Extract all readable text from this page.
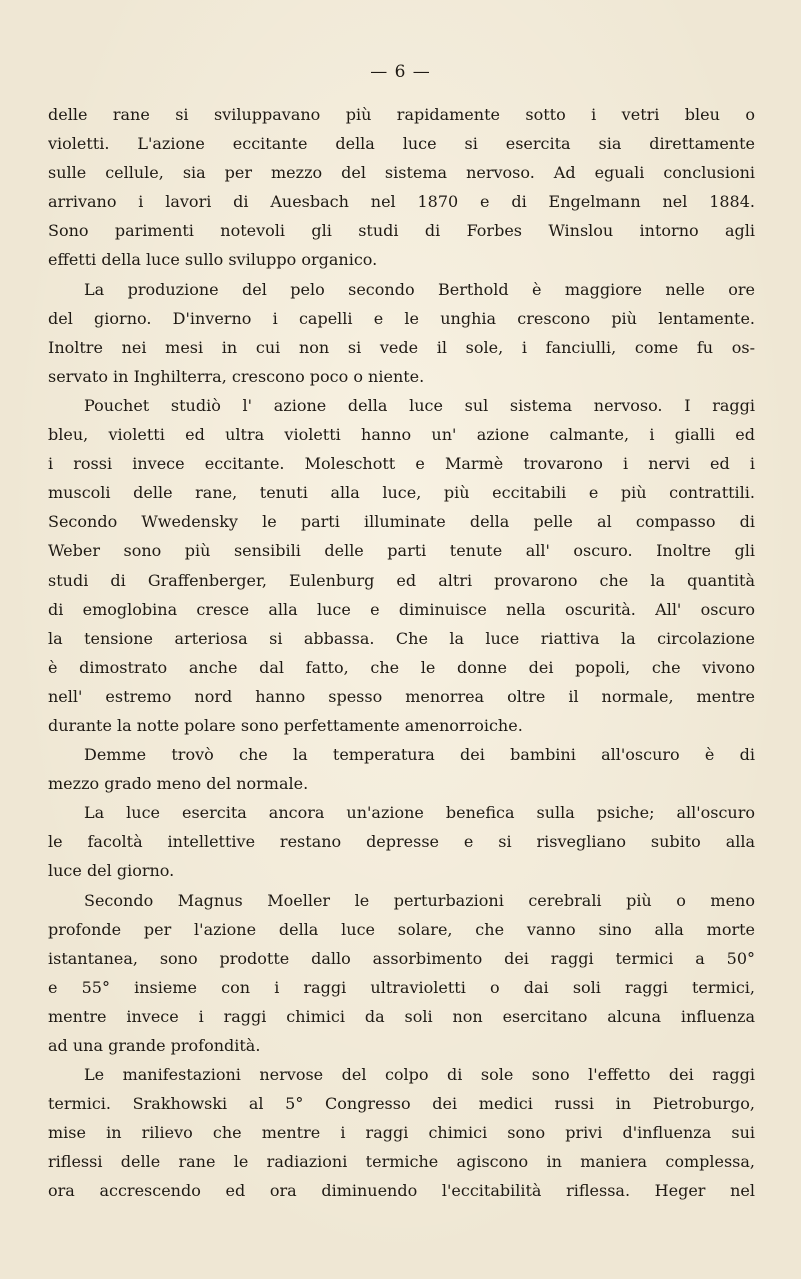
— 6 —
delle rane si sviluppavano più rapidamente sotto i vetri bleu o
violetti. L'azione eccitante della luce si esercita sia direttamente
sulle cellule, sia per mezzo del sistema nervoso. Ad eguali conclusioni
arrivano i lavori di Auesbach nel 1870 e di Engelmann nel 1884.
Sono parimenti notevoli gli studi di Forbes Winslou intorno agli
effetti della luce sullo sviluppo organico.
La produzione del pelo secondo Berthold è maggiore nelle ore
del giorno. D'inverno i capelli e le unghia crescono più lentamente.
Inoltre nei mesi in cui non si vede il sole, i fanciulli, come fu os-
servato in Inghilterra, crescono poco o niente.
Pouchet studiò l' azione della luce sul sistema nervoso. I raggi
bleu, violetti ed ultra violetti hanno un' azione calmante, i gialli ed
i rossi invece eccitante. Moleschott e Marmè trovarono i nervi ed i
muscoli delle rane, tenuti alla luce, più eccitabili e più contrattili.
Secondo Wwedensky le parti illuminate della pelle al compasso di
Weber sono più sensibili delle parti tenute all' oscuro. Inoltre gli
studi di Graffenberger, Eulenburg ed altri provarono che la quantità
di emoglobina cresce alla luce e diminuisce nella oscurità. All' oscuro
la tensione arteriosa si abbassa. Che la luce riattiva la circolazione
è dimostrato anche dal fatto, che le donne dei popoli, che vivono
nell' estremo nord hanno spesso menorrea oltre il normale, mentre
durante la notte polare sono perfettamente amenorroiche.
Demme trovò che la temperatura dei bambini all'oscuro è di
mezzo grado meno del normale.
La luce esercita ancora un'azione benefica sulla psiche; all'oscuro
le facoltà intellettive restano depresse e si risvegliano subito alla
luce del giorno.
Secondo Magnus Moeller le perturbazioni cerebrali più o meno
profonde per l'azione della luce solare, che vanno sino alla morte
istantanea, sono prodotte dallo assorbimento dei raggi termici a 50°
e 55° insieme con i raggi ultravioletti o dai soli raggi termici,
mentre invece i raggi chimici da soli non esercitano alcuna influenza
ad una grande profondità.
Le manifestazioni nervose del colpo di sole sono l'effetto dei raggi
termici. Srakhowski al 5° Congresso dei medici russi in Pietroburgo,
mise in rilievo che mentre i raggi chimici sono privi d'influenza sui
riflessi delle rane le radiazioni termiche agiscono in maniera complessa,
ora accrescendo ed ora diminuendo l'eccitabilità riflessa. Heger nel
